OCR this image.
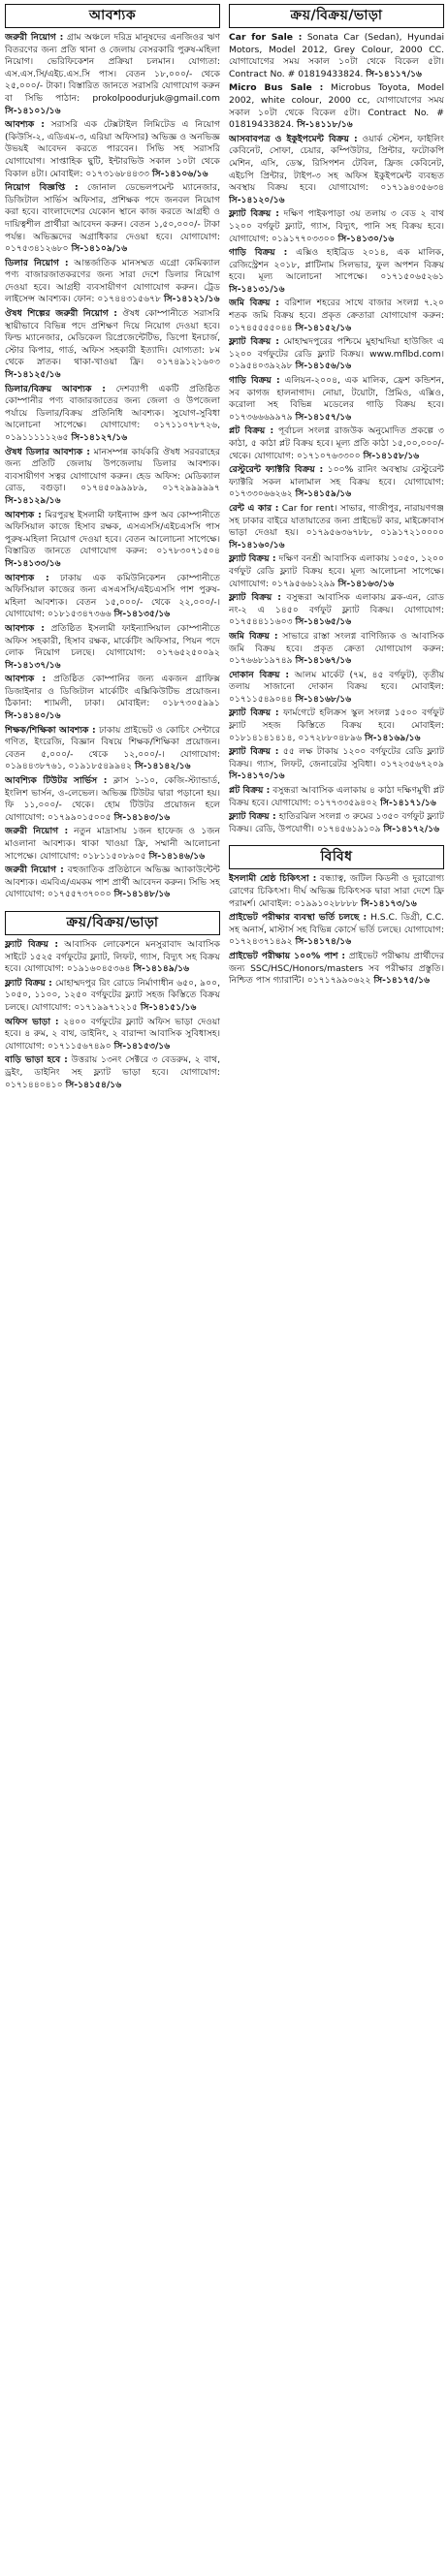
আবশ্যক
জরুরী নিয়োগ : গ্রাম অঞ্চলে দরিদ্র মানুষদের এনজিওর ঋণ বিতরণের জন্য প্রতি থানা ও জেলায় বেসরকারি পুরুষ-মহিলা নিয়োগ। ভেরিফিকেশন প্রক্রিয়া চলমান। যোগ্যতা: এস.এস.সি/এইচ.এস.সি পাস। বেতন ১৮,০০০/- থেকে ২৫,০০০/- টাকা। বিস্তারিত জানতে সরাসরি যোগাযোগ করুন বা সিভি পাঠান: prokolpoodurjuk@gmail.com সি-১৪১০১/১৬
আবশ্যক : সরাসরি এক টেক্সটাইল লিমিটেড এ নিয়োগ (কিউসি-২, এডিএম-৩, এরিয়া অফিসার) অভিজ্ঞ ও অনভিজ্ঞ উভয়ই আবেদন করতে পারবেন। সিভি সহ সরাসরি যোগাযোগ। সাপ্তাহিক ছুটি, ইন্টারভিউ সকাল ১০টা থেকে বিকাল ৪টা। মোবাইল: ০১৭৩১৬৮৪৪৩৩ সি-১৪১০৬/১৬
নিয়োগ বিজ্ঞপ্তি : জোনাল ডেভেলপমেন্ট ম্যানেজার, ডিজিটাল সার্ভিস অফিসার, প্রশিক্ষক পদে জনবল নিয়োগ করা হবে। বাংলাদেশের যেকোন স্থানে কাজ করতে আগ্রহী ও দায়িত্বশীল প্রার্থীরা আবেদন করুন। বেতন ১,৫০,০০০/- টাকা পর্যন্ত। অভিজ্ঞদের অগ্রাধিকার দেওয়া হবে। যোগাযোগ: ০১৭৫৩৪১২৬৮০ সি-১৪১০৯/১৬
ডিলার নিয়োগ : আন্তর্জাতিক মানসম্মত এগ্রো কেমিক্যাল পণ্য বাজারজাতকরণের জন্য সারা দেশে ডিলার নিয়োগ দেওয়া হবে। আগ্রহী ব্যবসায়ীগণ যোগাযোগ করুন। ট্রেড লাইসেন্স আবশ্যক। ফোন: ০১৭৪৪৩১৫৬৭৮ সি-১৪১২১/১৬
ঔষধ শিল্পের জরুরী নিয়োগ : ঔষধ কোম্পানীতে সরাসরি স্থায়ীভাবে বিভিন্ন পদে প্রশিক্ষণ দিয়ে নিয়োগ দেওয়া হবে। ফিল্ড ম্যানেজার, মেডিকেল রিপ্রেজেন্টেটিভ, ডিপো ইনচার্জ, স্টোর কিপার, গার্ড, অফিস সহকারী ইত্যাদি। যোগ্যতা: ৮ম থেকে স্নাতক। থাকা-খাওয়া ফ্রি। ০১৭৪৯১২১৬০৩ সি-১৪১২৫/১৬
ডিলার/বিক্রয় আবশ্যক : দেশব্যাপী একটি প্রতিষ্ঠিত কোম্পানীর পণ্য বাজারজাতের জন্য জেলা ও উপজেলা পর্যায়ে ডিলার/বিক্রয় প্রতিনিধি আবশ্যক। সুযোগ-সুবিধা আলোচনা সাপেক্ষে। যোগাযোগ: ০১৭১১০৭৮৭২৬, ০১৯১১১১১২৬৫ সি-১৪১২৭/১৬
ঔষধ ডিলার আবশ্যক : মানসম্পন্ন কার্যকরি ঔষধ সরবরাহের জন্য প্রতিটি জেলায় উপজেলায় ডিলার আবশ্যক। ব্যবসায়ীগণ সত্বর যোগাযোগ করুন। হেড অফিস: মেডিক্যাল রোড, বগুড়া। ০১৭৪৫০৯৯৯৮৯, ০১৭২৯৯৯৯৯৭ সি-১৪১২৯/১৬
আবশ্যক : মিরপুরস্থ ইসলামী ফাইন্যান্স গ্রুপ অব কোম্পানীতে অফিসিয়াল কাজে হিসাব রক্ষক, এসএসসি/এইচএসসি পাস পুরুষ-মহিলা নিয়োগ দেওয়া হবে। বেতন আলোচনা সাপেক্ষে। বিস্তারিত জানতে যোগাযোগ করুন: ০১৭৮৩০৭১৫০৪ সি-১৪১৩৩/১৬
আবশ্যক : ঢাকায় এক কমিউনিকেশন কোম্পানীতে অফিসিয়াল কাজের জন্য এসএসসি/এইচএসসি পাশ পুরুষ-মহিলা আবশ্যক। বেতন ১৫,০০০/- থেকে ২২,০০০/-। যোগাযোগ: ০১৮১৫৩৪৭৩৬৬ সি-১৪১৩৫/১৬
আবশ্যক : প্রতিষ্ঠিত ইসলামী ফাইন্যান্সিয়াল কোম্পানীতে অফিস সহকারী, হিসাব রক্ষক, মার্কেটিং অফিসার, পিয়ন পদে লোক নিয়োগ চলছে। যোগাযোগ: ০১৭৬৫২৫০০৯২ সি-১৪১৩৭/১৬
আবশ্যক : প্রতিষ্ঠিত কোম্পানির জন্য একজন গ্রাফিক্স ডিজাইনার ও ডিজিটাল মার্কেটিং এক্সিকিউটিভ প্রয়োজন। ঠিকানা: শ্যামলী, ঢাকা। মোবাইল: ০১৮৭৩০৫৯৯১ সি-১৪১৪০/১৬
শিক্ষক/শিক্ষিকা আবশ্যক : ঢাকায় প্রাইভেট ও কোচিং সেন্টারে গণিত, ইংরেজি, বিজ্ঞান বিষয়ে শিক্ষক/শিক্ষিকা প্রয়োজন। বেতন ৫,০০০/- থেকে ১২,০০০/-। যোগাযোগ: ০১৯৪৪৩৮৭৬১, ০১৯১৮৫৪৯৯৪২ সি-১৪১৪২/১৬
আবশ্যিক টিউটর সার্ভিস : ক্লাস ১-১০, কেজি-স্ট্যান্ডার্ড, ইংলিশ ভার্সন, ও-লেভেল। অভিজ্ঞ টিউটর দ্বারা পড়ানো হয়। ফি ১১,০০০/- থেকে। হোম টিউটর প্রয়োজন হলে যোগাযোগ: ০১৭৯৯০১৫০০৫ সি-১৪১৪৩/১৬
জরুরী নিয়োগ : নতুন মাদ্রাসায় ১জন হাফেজ ও ১জন মাওলানা আবশ্যক। থাকা খাওয়া ফ্রি, সম্মানী আলোচনা সাপেক্ষে। যোগাযোগ: ০১৮১১৫০৮৯০৫ সি-১৪১৪৬/১৬
জরুরী নিয়োগ : বহুজাতিক প্রতিষ্ঠানে অভিজ্ঞ অ্যাকাউন্টেন্ট আবশ্যক। এমবিএ/এমকম পাশ প্রার্থী আবেদন করুন। সিভি সহ যোগাযোগ: ০১৭৫৫৭৩৭০০০ সি-১৪১৪৮/১৬
ক্রয়/বিক্রয়/ভাড়া
ফ্ল্যাট বিক্রয় : আবাসিক লোকেশনে মনসুরাবাদ আবাসিক সাইটে ১৫২৫ বর্গফুটের ফ্ল্যাট, লিফট, গ্যাস, বিদ্যুৎ সহ বিক্রয় হবে। যোগাযোগ: ০১৯১৬০৪৫৩৬৪ সি-১৪১৪৯/১৬
ফ্ল্যাট বিক্রয় : মোহাম্মদপুর রিং রোডে নির্মাণাধীন ৬৫০, ৯০০, ১০৫০, ১১০০, ১২৫০ বর্গফুটের ফ্ল্যাট সহজ কিস্তিতে বিক্রয় চলছে। যোগাযোগ: ০১৭১৯৯৭১২১৫ সি-১৪১৫১/১৬
অফিস ভাড়া : ২৪০০ বর্গফুটের ফ্ল্যাট অফিস ভাড়া দেওয়া হবে। ৪ রুম, ২ বাথ, ডাইনিং, ২ বারান্দা আবাসিক সুবিধাসহ। যোগাযোগ: ০১৭১১৫৬৭৪৯০ সি-১৪১৫৩/১৬
বাড়ি ভাড়া হবে : উত্তরায় ১৩নং সেক্টরে ৩ বেডরুম, ২ বাথ, ড্রইং, ডাইনিং সহ ফ্ল্যাট ভাড়া হবে। যোগাযোগ: ০১৭১৪৪০৪১০ সি-১৪১৫৪/১৬
ক্রয়/বিক্রয়/ভাড়া
Car for Sale : Sonata Car (Sedan), Hyundai Motors, Model 2012, Grey Colour, 2000 CC. যোগাযোগের সময় সকাল ১০টা থেকে বিকেল ৫টা। Contract No. # 01819433824. সি-১৪১১৭/১৬
Micro Bus Sale : Microbus Toyota, Model 2002, white colour, 2000 cc, যোগাযোগের সময় সকাল ১০টা থেকে বিকেল ৫টা। Contract No. # 01819433824. সি-১৪১১৮/১৬
আসবাবপত্র ও ইকুইপমেন্ট বিক্রয় : ওয়ার্ক স্টেশন, ফাইলিং কেবিনেট, সোফা, চেয়ার, কম্পিউটার, প্রিন্টার, ফটোকপি মেশিন, এসি, ডেস্ক, রিসিপশন টেবিল, ফ্রিজ কেবিনেট, এইচপি প্রিন্টার, টাইপ-৩ সহ অফিস ইকুইপমেন্ট ব্যবহৃত অবস্থায় বিক্রয় হবে। যোগাযোগ: ০১৭১৯৪৩৫৬৩৪ সি-১৪১২০/১৬
ফ্ল্যাট বিক্রয় : দক্ষিণ পাইকপাড়া ৩য় তলায় ৩ বেড ২ বাথ ১২০০ বর্গফুট ফ্ল্যাট, গ্যাস, বিদ্যুৎ, পানি সহ বিক্রয় হবে। যোগাযোগ: ০১৯১৭৭০৩৩০০ সি-১৪১৩০/১৬
গাড়ি বিক্রয় : এক্সিও হাইব্রিড ২০১৪, এক মালিক, রেজিস্ট্রেশন ২০১৮, প্লাটিনাম সিলভার, ফুল অপশন বিক্রয় হবে। মূল্য আলোচনা সাপেক্ষে। ০১৭১৫০৬৫২৬১ সি-১৪১৩১/১৬
জমি বিক্রয় : বরিশাল শহরের সাথে বাজার সংলগ্ন ৭.২০ শতক জমি বিক্রয় হবে। প্রকৃত ক্রেতারা যোগাযোগ করুন: ০১৭৪৫৫৫৫০৪৪ সি-১৪১৫২/১৬
ফ্ল্যাট বিক্রয় : মোহাম্মদপুরের পশ্চিমে মুহাম্মদিয়া হাউজিং এ ১২০০ বর্গফুটের রেডি ফ্ল্যাট বিক্রয়। www.mflbd.com। ০১৯৫৪০৩৯২৯৮ সি-১৪১৫৬/১৬
গাড়ি বিক্রয় : এলিয়ন-২০০৪, এক মালিক, ফ্রেশ কন্ডিশন, সব কাগজ হালনাগাদ। নোয়া, টয়োটা, প্রিমিও, এক্সিও, করোলা সহ বিভিন্ন মডেলের গাড়ি বিক্রয় হবে। ০১৭৩৬৬৬৯৯৭৯ সি-১৪১৫৭/১৬
প্লট বিক্রয় : পূর্বাচল সংলগ্ন রাজউক অনুমোদিত প্রকল্পে ৩ কাঠা, ৫ কাঠা প্লট বিক্রয় হবে। মূল্য প্রতি কাঠা ১৫,০০,০০০/- থেকে। যোগাযোগ: ০১৭১০৭৬৩৩০০ সি-১৪১৫৮/১৬
রেস্টুরেন্ট ফ্যাক্টরি বিক্রয় : ১০০% রানিং অবস্থায় রেস্টুরেন্ট ফ্যাক্টরি সকল মালামাল সহ বিক্রয় হবে। যোগাযোগ: ০১৭৩৩০৬৬২৬২ সি-১৪১৫৯/১৬
রেন্ট এ কার : Car for rent। সাভার, গাজীপুর, নারায়ণগঞ্জ সহ ঢাকার বাইরে যাতায়াতের জন্য প্রাইভেট কার, মাইক্রোবাস ভাড়া দেওয়া হয়। ০১৭৯৫৬৩৬৭৮৮, ০১৯১৭২১০০০০ সি-১৪১৬০/১৬
ফ্ল্যাট বিক্রয় : দক্ষিণ বনশ্রী আবাসিক এলাকায় ১০৫০, ১২০০ বর্গফুট রেডি ফ্ল্যাট বিক্রয় হবে। মূল্য আলোচনা সাপেক্ষে। যোগাযোগ: ০১৭৯৫৬৬১২৯৯ সি-১৪১৬৩/১৬
ফ্ল্যাট বিক্রয় : বসুন্ধরা আবাসিক এলাকায় ব্লক-এন, রোড নং-২ এ ১৪৫০ বর্গফুট ফ্ল্যাট বিক্রয়। যোগাযোগ: ০১৭৫৪৪১১৬০৩ সি-১৪১৬৫/১৬
জমি বিক্রয় : সাভারে রাস্তা সংলগ্ন বাণিজ্যিক ও আবাসিক জমি বিক্রয় হবে। প্রকৃত ক্রেতা যোগাযোগ করুন: ০১৭৬৬৮১৯৭৪৯ সি-১৪১৬৭/১৬
দোকান বিক্রয় : আলম মার্কেট (৭ম, ৪৫ বর্গফুট), তৃতীয় তলায় সাজানো দোকান বিক্রয় হবে। মোবাইল: ০১৭১১৫৪৯০৪৪ সি-১৪১৬৮/১৬
ফ্ল্যাট বিক্রয় : ফার্মগেটে হলিক্রস স্কুল সংলগ্ন ১৫০০ বর্গফুট ফ্ল্যাট সহজ কিস্তিতে বিক্রয় হবে। মোবাইল: ০১৮১৪১৪১৪১৪, ০১৭২৮৮০৪৮৯৬ সি-১৪১৬৯/১৬
ফ্ল্যাট বিক্রয় : ৫৫ লক্ষ টাকায় ১২০০ বর্গফুটের রেডি ফ্ল্যাট বিক্রয়। গ্যাস, লিফট, জেনারেটর সুবিধা। ০১৭২৩৫৬৭২০৯ সি-১৪১৭০/১৬
প্লট বিক্রয় : বসুন্ধরা আবাসিক এলাকায় ৪ কাঠা দক্ষিণমুখী প্লট বিক্রয় হবে। যোগাযোগ: ০১৭৭৩৩৫৯৪০২ সি-১৪১৭১/১৬
ফ্ল্যাট বিক্রয় : হাতিরঝিল সংলগ্ন ৩ রুমের ১৩৫০ বর্গফুট ফ্ল্যাট বিক্রয়। রেডি, উপযোগী। ০১৭৪৫৬১৯১০৯ সি-১৪১৭২/১৬
বিবিধ
ইসলামী শ্রেষ্ঠ চিকিৎসা : বন্ধ্যাত্ব, জটিল কিডনী ও দুরারোগ্য রোগের চিকিৎসা। দীর্ঘ অভিজ্ঞ চিকিৎসক দ্বারা সারা দেশে ফ্রি পরামর্শ। মোবাইল: ০১৯৯১০২৮৮৮৮ সি-১৪১৭৩/১৬
প্রাইভেট পরীক্ষার ব্যবস্থা ভর্তি চলছে : H.S.C. ডিগ্রী, C.C. সহ অনার্স, মাস্টার্স সহ বিভিন্ন কোর্সে ভর্তি চলছে। যোগাযোগ: ০১৭২৪৩৭১৪৯২ সি-১৪১৭৪/১৬
প্রাইভেট পরীক্ষায় ১০০% পাশ : প্রাইভেট পরীক্ষায় প্রার্থীদের জন্য SSC/HSC/Honors/masters সব পরীক্ষার প্রস্তুতি। নিশ্চিত পাস গ্যারান্টি। ০১৭১৭৯৯০৬২২ সি-১৪১৭৫/১৬
